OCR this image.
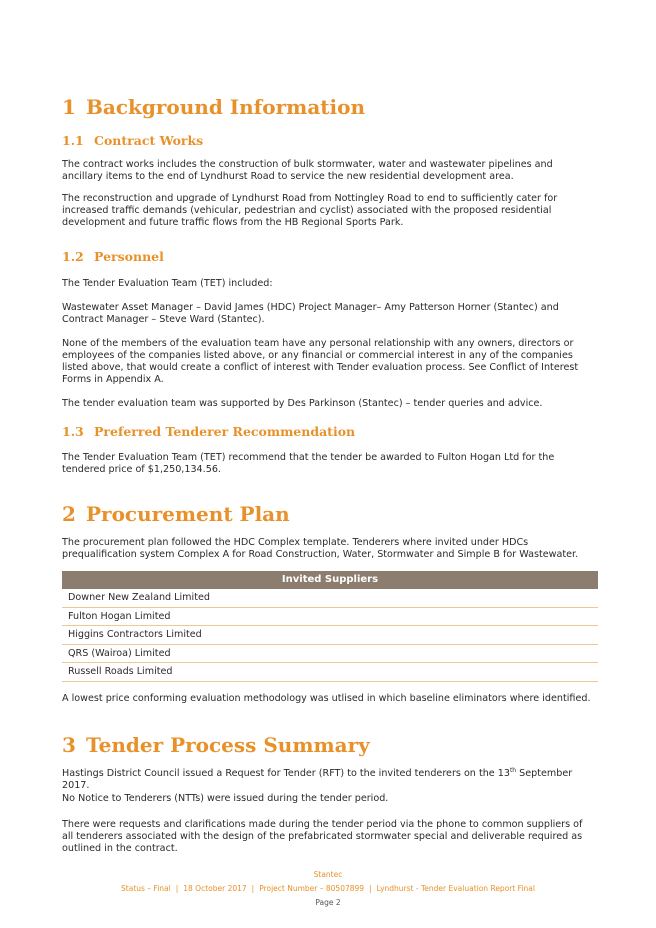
1 Background Information
1.1 Contract Works

The contract works includes the construction of bulk stormwater, water and wastewater pipelines and ancillary items to the end of Lyndhurst Road to service the new residential development area.

The reconstruction and upgrade of Lyndhurst Road from Nottingley Road to end to sufficiently cater for increased traffic demands (vehicular, pedestrian and cyclist) associated with the proposed residential development and future traffic flows from the HB Regional Sports Park.

1.2 Personnel

The Tender Evaluation Team (TET) included:

Wastewater Asset Manager – David James (HDC) Project Manager– Amy Patterson Horner (Stantec) and Contract Manager – Steve Ward (Stantec).

None of the members of the evaluation team have any personal relationship with any owners, directors or employees of the companies listed above, or any financial or commercial interest in any of the companies listed above, that would create a conflict of interest with Tender evaluation process. See Conflict of Interest Forms in Appendix A.

The tender evaluation team was supported by Des Parkinson (Stantec) – tender queries and advice.

1.3 Preferred Tenderer Recommendation

The Tender Evaluation Team (TET) recommend that the tender be awarded to Fulton Hogan Ltd for the tendered price of $1,250,134.56.

2 Procurement Plan

The procurement plan followed the HDC Complex template. Tenderers where invited under HDCs prequalification system Complex A for Road Construction, Water, Stormwater and Simple B for Wastewater.

Invited Suppliers
Downer New Zealand Limited
Fulton Hogan Limited
Higgins Contractors Limited
QRS (Wairoa) Limited
Russell Roads Limited

A lowest price conforming evaluation methodology was utlised in which baseline eliminators where identified.

3 Tender Process Summary

Hastings District Council issued a Request for Tender (RFT) to the invited tenderers on the 13th September 2017.

No Notice to Tenderers (NTTs) were issued during the tender period.

There were requests and clarifications made during the tender period via the phone to common suppliers of all tenderers associated with the design of the prefabricated stormwater special and deliverable required as outlined in the contract.

Stantec
Status – Final | 18 October 2017 | Project Number – 80507899 | Lyndhurst - Tender Evaluation Report Final
Page 2
